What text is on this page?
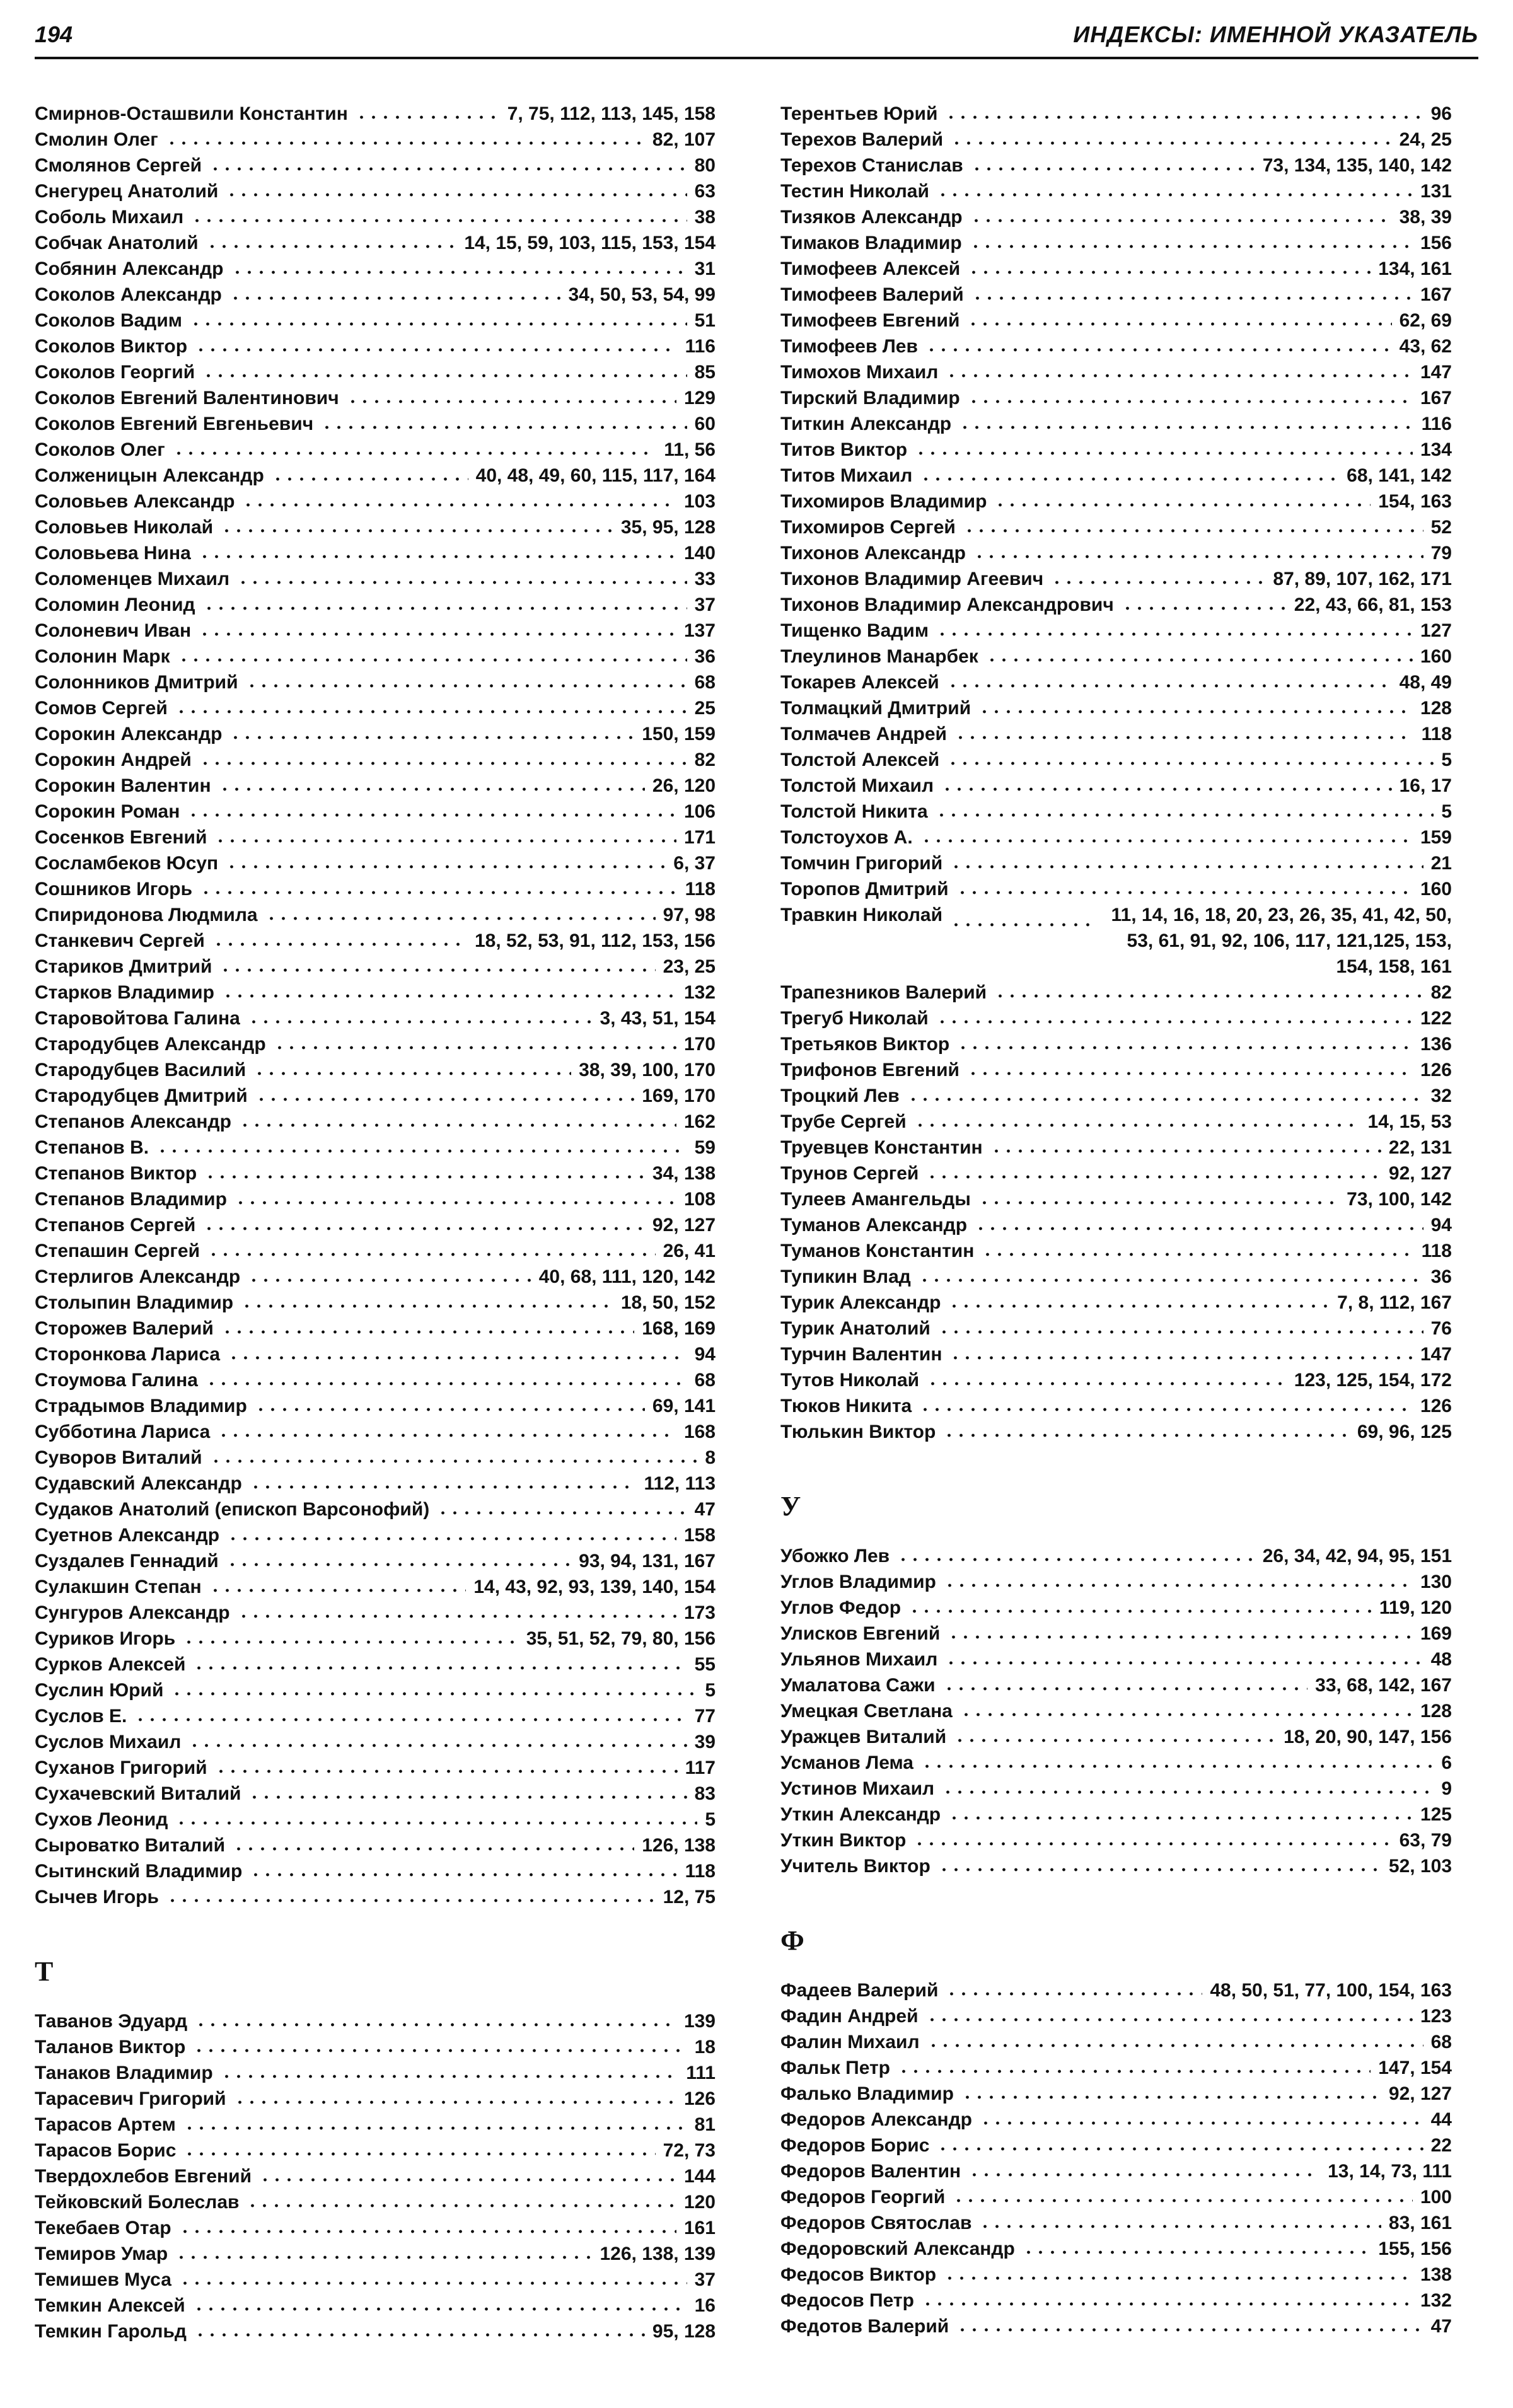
194	ИНДЕКСЫ: ИМЕННОЙ УКАЗАТЕЛЬ
Смирнов-Осташвили Константин	7, 75, 112, 113, 145, 158
Смолин Олег	82, 107
Смолянов Сергей	80
Снегурец Анатолий	63
Соболь Михаил	38
Собчак Анатолий	14, 15, 59, 103, 115, 153, 154
Собянин Александр	31
Соколов Александр	34, 50, 53, 54, 99
Соколов Вадим	51
Соколов Виктор	116
Соколов Георгий	85
Соколов Евгений Валентинович	129
Соколов Евгений Евгеньевич	60
Соколов Олег	11, 56
Солженицын Александр	40, 48, 49, 60, 115, 117, 164
Соловьев Александр	103
Соловьев Николай	35, 95, 128
Соловьева Нина	140
Соломенцев Михаил	33
Соломин Леонид	37
Солоневич Иван	137
Солонин Марк	36
Солонников Дмитрий	68
Сомов Сергей	25
Сорокин Александр	150, 159
Сорокин Андрей	82
Сорокин Валентин	26, 120
Сорокин Роман	106
Сосенков Евгений	171
Сосламбеков Юсуп	6, 37
Сошников Игорь	118
Спиридонова Людмила	97, 98
Станкевич Сергей	18, 52, 53, 91, 112, 153, 156
Стариков Дмитрий	23, 25
Старков Владимир	132
Старовойтова Галина	3, 43, 51, 154
Стародубцев Александр	170
Стародубцев Василий	38, 39, 100, 170
Стародубцев Дмитрий	169, 170
Степанов Александр	162
Степанов В.	59
Степанов Виктор	34, 138
Степанов Владимир	108
Степанов Сергей	92, 127
Степашин Сергей	26, 41
Стерлигов Александр	40, 68, 111, 120, 142
Столыпин Владимир	18, 50, 152
Сторожев Валерий	168, 169
Сторонкова Лариса	94
Стоумова Галина	68
Страдымов Владимир	69, 141
Субботина Лариса	168
Суворов Виталий	8
Судавский Александр	112, 113
Судаков Анатолий (епископ Варсонофий)	47
Суетнов Александр	158
Суздалев Геннадий	93, 94, 131, 167
Сулакшин Степан	14, 43, 92, 93, 139, 140, 154
Сунгуров Александр	173
Суриков Игорь	35, 51, 52, 79, 80, 156
Сурков Алексей	55
Суслин Юрий	5
Суслов Е.	77
Суслов Михаил	39
Суханов Григорий	117
Сухачевский Виталий	83
Сухов Леонид	5
Сыроватко Виталий	126, 138
Сытинский Владимир	118
Сычев Игорь	12, 75
Т
Таванов Эдуард	139
Таланов Виктор	18
Танаков Владимир	111
Тарасевич Григорий	126
Тарасов Артем	81
Тарасов Борис	72, 73
Твердохлебов Евгений	144
Тейковский Болеслав	120
Текебаев Отар	161
Темиров Умар	126, 138, 139
Темишев Муса	37
Темкин Алексей	16
Темкин Гарольд	95, 128
Терентьев Юрий	96
Терехов Валерий	24, 25
Терехов Станислав	73, 134, 135, 140, 142
Тестин Николай	131
Тизяков Александр	38, 39
Тимаков Владимир	156
Тимофеев Алексей	134, 161
Тимофеев Валерий	167
Тимофеев Евгений	62, 69
Тимофеев Лев	43, 62
Тимохов Михаил	147
Тирский Владимир	167
Титкин Александр	116
Титов Виктор	134
Титов Михаил	68, 141, 142
Тихомиров Владимир	154, 163
Тихомиров Сергей	52
Тихонов Александр	79
Тихонов Владимир Агеевич	87, 89, 107, 162, 171
Тихонов Владимир Александрович	22, 43, 66, 81, 153
Тищенко Вадим	127
Тлеулинов Манарбек	160
Токарев Алексей	48, 49
Толмацкий Дмитрий	128
Толмачев Андрей	118
Толстой Алексей	5
Толстой Михаил	16, 17
Толстой Никита	5
Толстоухов А.	159
Томчин Григорий	21
Торопов Дмитрий	160
Травкин Николай	11, 14, 16, 18, 20, 23, 26, 35, 41, 42, 50, 53, 61, 91, 92, 106, 117, 121,125, 153, 154, 158, 161
Трапезников Валерий	82
Трегуб Николай	122
Третьяков Виктор	136
Трифонов Евгений	126
Троцкий Лев	32
Трубе Сергей	14, 15, 53
Труевцев Константин	22, 131
Трунов Сергей	92, 127
Тулеев Амангельды	73, 100, 142
Туманов Александр	94
Туманов Константин	118
Тупикин Влад	36
Турик Александр	7, 8, 112, 167
Турик Анатолий	76
Турчин Валентин	147
Тутов Николай	123, 125, 154, 172
Тюков Никита	126
Тюлькин Виктор	69, 96, 125
У
Убожко Лев	26, 34, 42, 94, 95, 151
Углов Владимир	130
Углов Федор	119, 120
Улисков Евгений	169
Ульянов Михаил	48
Умалатова Сажи	33, 68, 142, 167
Умецкая Светлана	128
Уражцев Виталий	18, 20, 90, 147, 156
Усманов Лема	6
Устинов Михаил	9
Уткин Александр	125
Уткин Виктор	63, 79
Учитель Виктор	52, 103
Ф
Фадеев Валерий	48, 50, 51, 77, 100, 154, 163
Фадин Андрей	123
Фалин Михаил	68
Фальк Петр	147, 154
Фалько Владимир	92, 127
Федоров Александр	44
Федоров Борис	22
Федоров Валентин	13, 14, 73, 111
Федоров Георгий	100
Федоров Святослав	83, 161
Федоровский Александр	155, 156
Федосов Виктор	138
Федосов Петр	132
Федотов Валерий	47
